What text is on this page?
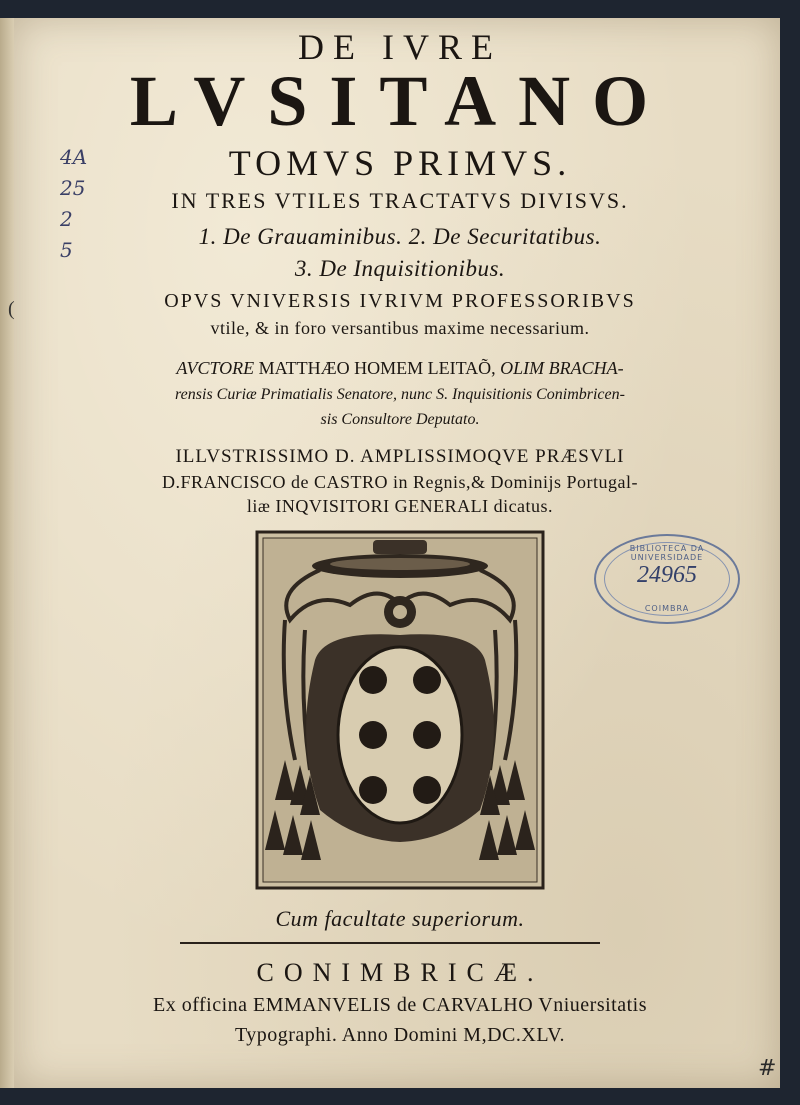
DE IVRE
LVSITANO
TOMVS PRIMVS.
IN TRES VTILES TRACTATVS DIVISVS.
1. De Grauaminibus. 2. De Securitatibus.
3. De Inquisitionibus.
OPVS VNIVERSIS IVRIVM PROFESSORIBVS
vtile, & in foro versantibus maxime necessarium.
AVCTORE MATTHÆO HOMEM LEITAÕ, OLIM BRACHA-
rensis Curiæ Primatialis Senatore, nunc S. Inquisitionis Conimbricen-
sis Consultore Deputato.
ILLVSTRISSIMO D. AMPLISSIMOQVE PRÆSVLI
D.FRANCISCO de CASTRO in Regnis,& Dominijs Portugal-
liæ INQVISITORI GENERALI dicatus.
4A
25
2
5
(
BIBLIOTECA DA UNIVERSIDADE
24965
COIMBRA
Cum facultate superiorum.
CONIMBRICÆ.
Ex officina EMMANVELIS de CARVALHO Vniuersitatis
Typographi. Anno Domini M,DC.XLV.
#
